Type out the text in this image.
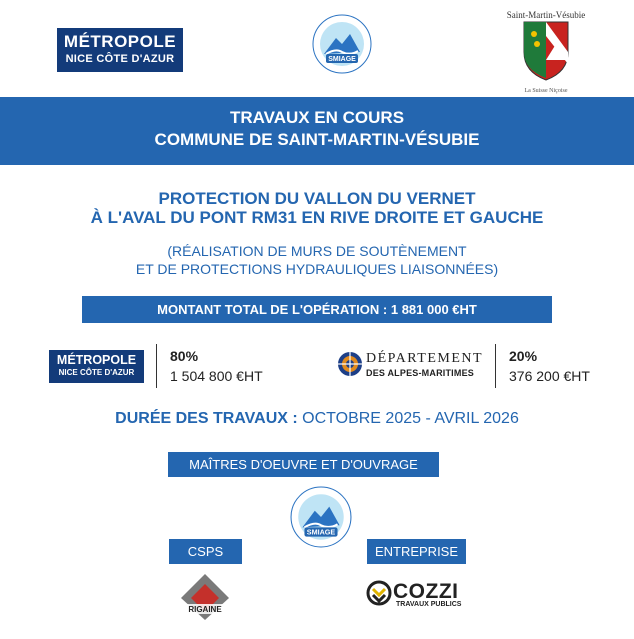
MÉTROPOLE
NICE CÔTE D'AZUR	SMIAGE
Saint-Martin-Vésubie
La Suisse Niçoise
TRAVAUX EN COURS
COMMUNE DE SAINT-MARTIN-VÉSUBIE
PROTECTION DU VALLON DU VERNET
À L'AVAL DU PONT RM31 EN RIVE DROITE ET GAUCHE
(RÉALISATION DE MURS DE SOUTÈNEMENT
ET DE PROTECTIONS HYDRAULIQUES LIAISONNÉES)
MONTANT TOTAL DE L'OPÉRATION : 1 881 000 €HT
MÉTROPOLE
NICE CÔTE D'AZUR
80%
1 504 800 €HT
DÉPARTEMENT
DES ALPES-MARITIMES
20%
376 200 €HT
DURÉE DES TRAVAUX : OCTOBRE 2025 - AVRIL 2026
MAÎTRES D'OEUVRE ET D'OUVRAGE
SMIAGE
CSPS	ENTREPRISE
RIGAINE
COZZI
TRAVAUX PUBLICS
